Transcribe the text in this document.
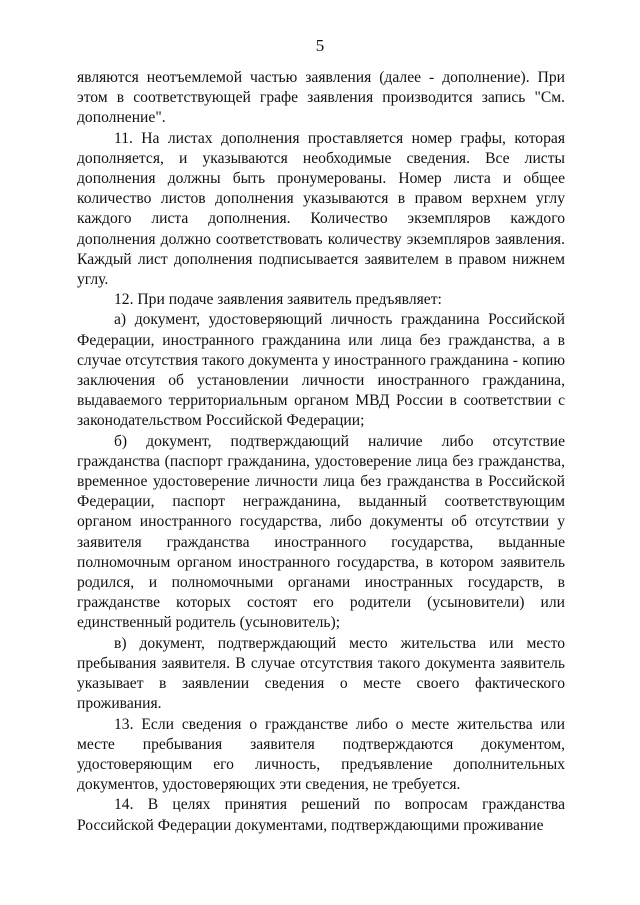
5

являются неотъемлемой частью заявления (далее - дополнение). При этом в соответствующей графе заявления производится запись "См. дополнение".

11. На листах дополнения проставляется номер графы, которая дополняется, и указываются необходимые сведения. Все листы дополнения должны быть пронумерованы. Номер листа и общее количество листов дополнения указываются в правом верхнем углу каждого листа дополнения. Количество экземпляров каждого дополнения должно соответствовать количеству экземпляров заявления. Каждый лист дополнения подписывается заявителем в правом нижнем углу.

12. При подаче заявления заявитель предъявляет:

а) документ, удостоверяющий личность гражданина Российской Федерации, иностранного гражданина или лица без гражданства, а в случае отсутствия такого документа у иностранного гражданина - копию заключения об установлении личности иностранного гражданина, выдаваемого территориальным органом МВД России в соответствии с законодательством Российской Федерации;

б) документ, подтверждающий наличие либо отсутствие гражданства (паспорт гражданина, удостоверение лица без гражданства, временное удостоверение личности лица без гражданства в Российской Федерации, паспорт негражданина, выданный соответствующим органом иностранного государства, либо документы об отсутствии у заявителя гражданства иностранного государства, выданные полномочным органом иностранного государства, в котором заявитель родился, и полномочными органами иностранных государств, в гражданстве которых состоят его родители (усыновители) или единственный родитель (усыновитель);

в) документ, подтверждающий место жительства или место пребывания заявителя. В случае отсутствия такого документа заявитель указывает в заявлении сведения о месте своего фактического проживания.

13. Если сведения о гражданстве либо о месте жительства или месте пребывания заявителя подтверждаются документом, удостоверяющим его личность, предъявление дополнительных документов, удостоверяющих эти сведения, не требуется.

14. В целях принятия решений по вопросам гражданства Российской Федерации документами, подтверждающими проживание
